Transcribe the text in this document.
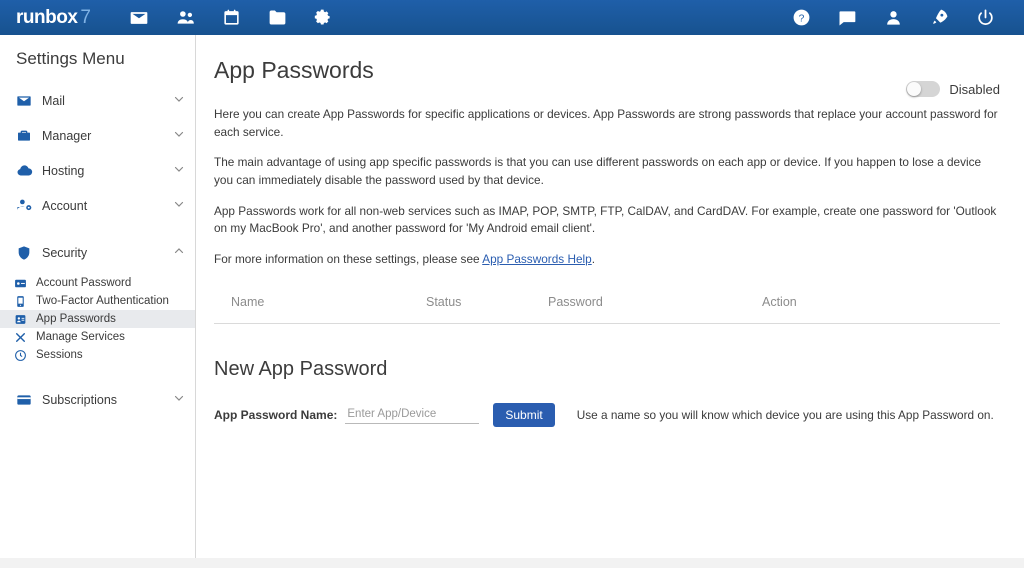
runbox 7	?
Settings Menu
Mail
Manager
Hosting
Account
Security
Account Password
Two-Factor Authentication
App Passwords
Manage Services
Sessions
Subscriptions
Disabled
App Passwords

Here you can create App Passwords for specific applications or devices. App Passwords are strong passwords that replace your account password for each service.

The main advantage of using app specific passwords is that you can use different passwords on each app or device. If you happen to lose a device you can immediately disable the password used by that device.

App Passwords work for all non-web services such as IMAP, POP, SMTP, FTP, CalDAV, and CardDAV. For example, create one password for 'Outlook on my MacBook Pro', and another password for 'My Android email client'.

For more information on these settings, please see App Passwords Help.

Name	Status	Password	Action
New App Password
App Password Name:
Enter App/Device	Submit	Use a name so you will know which device you are using this App Password on.
